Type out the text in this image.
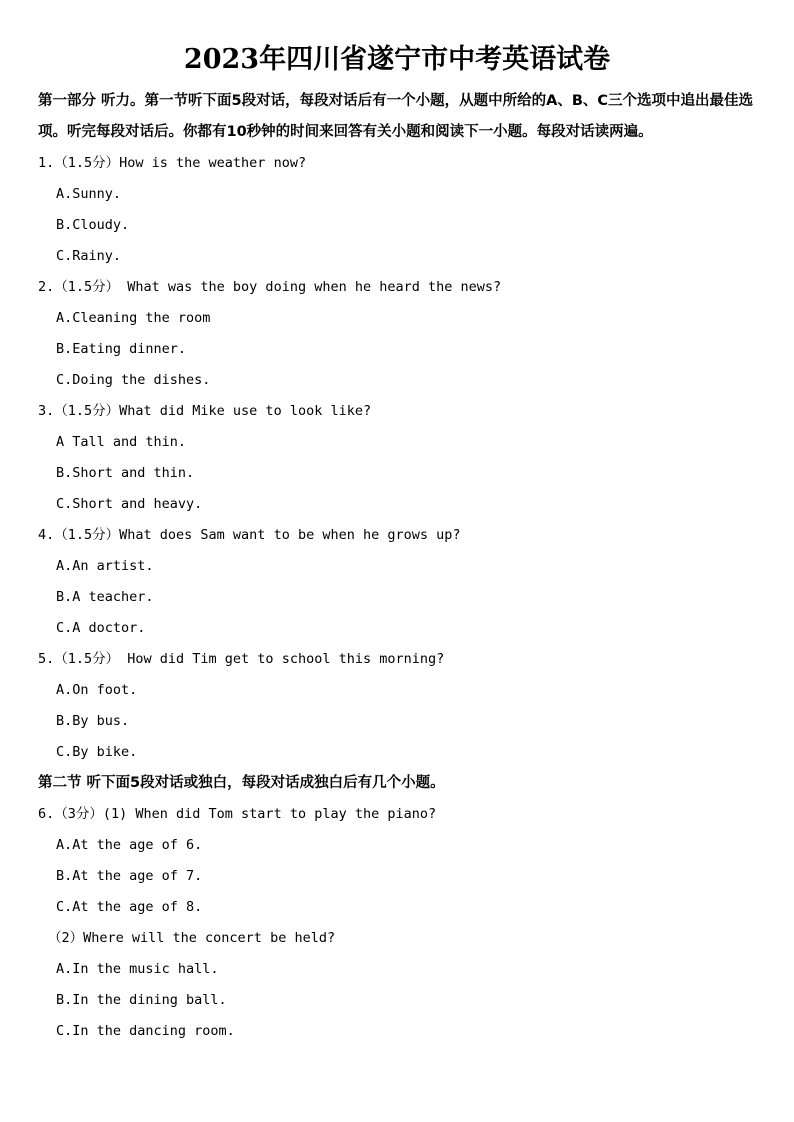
2023年四川省遂宁市中考英语试卷

第一部分 听力。第一节听下面5段对话，每段对话后有一个小题，从题中所给的A、B、C三个选项中追出最佳选项。听完每段对话后。你都有10秒钟的时间来回答有关小题和阅读下一小题。每段对话读两遍。

1.（1.5分）How is the weather now?

A.Sunny.

B.Cloudy.

C.Rainy.

2.（1.5分） What was the boy doing when he heard the news?

A.Cleaning the room

B.Eating dinner.

C.Doing the dishes.

3.（1.5分）What did Mike use to look like?

A Tall and thin.

B.Short and thin.

C.Short and heavy.

4.（1.5分）What does Sam want to be when he grows up?

A.An artist.

B.A teacher.

C.A doctor.

5.（1.5分） How did Tim get to school this morning?

A.On foot.

B.By bus.

C.By bike.

第二节 听下面5段对话或独白，每段对话成独白后有几个小题。

6.（3分）(1) When did Tom start to play the piano?

A.At the age of 6.

B.At the age of 7.

C.At the age of 8.

（2）Where will the concert be held?

A.In the music hall.

B.In the dining ball.

C.In the dancing room.
